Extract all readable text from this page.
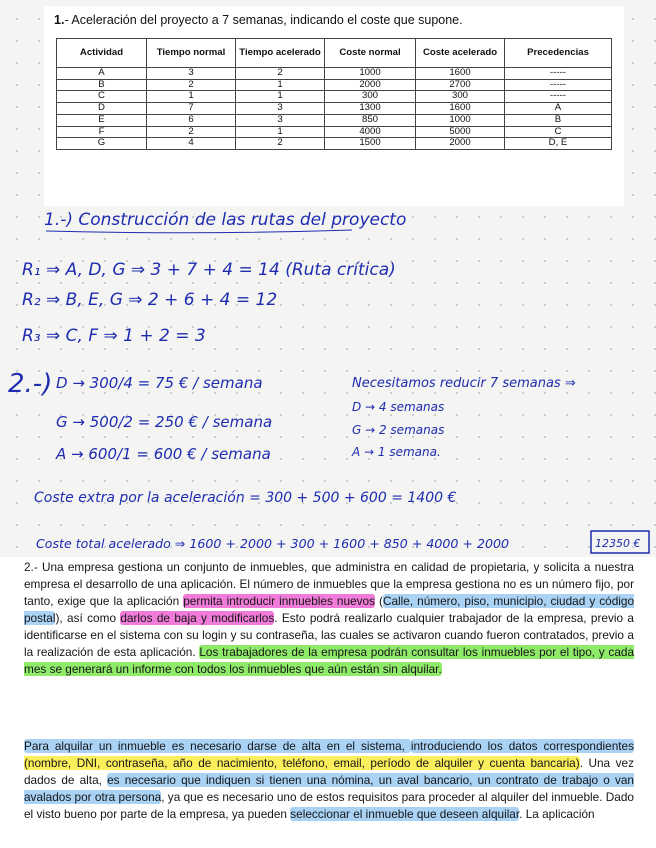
1.- Aceleración del proyecto a 7 semanas, indicando el coste que supone.
Actividad	Tiempo normal	Tiempo acelerado	Coste normal	Coste acelerado	Precedencias
A	3	2	1000	1600	-----
B	2	1	2000	2700	-----
C	1	1	300	300	-----
D	7	3	1300	1600	A
E	6	3	850	1000	B
F	2	1	4000	5000	C
G	4	2	1500	2000	D, E
1.-) Construcción de las rutas del proyecto
R₁ ⇒ A, D, G ⇒ 3 + 7 + 4 = 14 (Ruta crítica)
R₂ ⇒ B, E, G ⇒ 2 + 6 + 4 = 12
R₃ ⇒ C, F ⇒ 1 + 2 = 3
2.-) D → 300/4 = 75 € / semana
G → 500/2 = 250 € / semana
A → 600/1 = 600 € / semana
Necesitamos reducir 7 semanas ⇒
D → 4 semanas
G → 2 semanas
A → 1 semana.
Coste extra por la aceleración = 300 + 500 + 600 = 1400 €
Coste total acelerado ⇒ 1600 + 2000 + 300 + 1600 + 850 + 4000 + 2000	12350 €
2.- Una empresa gestiona un conjunto de inmuebles, que administra en calidad de propietaria, y solicita a nuestra empresa el desarrollo de una aplicación. El número de inmuebles que la empresa gestiona no es un número fijo, por tanto, exige que la aplicación permita introducir inmuebles nuevos (Calle, número, piso, municipio, ciudad y código postal), así como darlos de baja y modificarlos. Esto podrá realizarlo cualquier trabajador de la empresa, previo a identificarse en el sistema con su login y su contraseña, las cuales se activaron cuando fueron contratados, previo a la realización de esta aplicación. Los trabajadores de la empresa podrán consultar los inmuebles por el tipo, y cada mes se generará un informe con todos los inmuebles que aún están sin alquilar.
Para alquilar un inmueble es necesario darse de alta en el sistema, introduciendo los datos correspondientes (nombre, DNI, contraseña, año de nacimiento, teléfono, email, período de alquiler y cuenta bancaria). Una vez dados de alta, es necesario que indiquen si tienen una nómina, un aval bancario, un contrato de trabajo o van avalados por otra persona, ya que es necesario uno de estos requisitos para proceder al alquiler del inmueble. Dado el visto bueno por parte de la empresa, ya pueden seleccionar el inmueble que deseen alquilar. La aplicación
